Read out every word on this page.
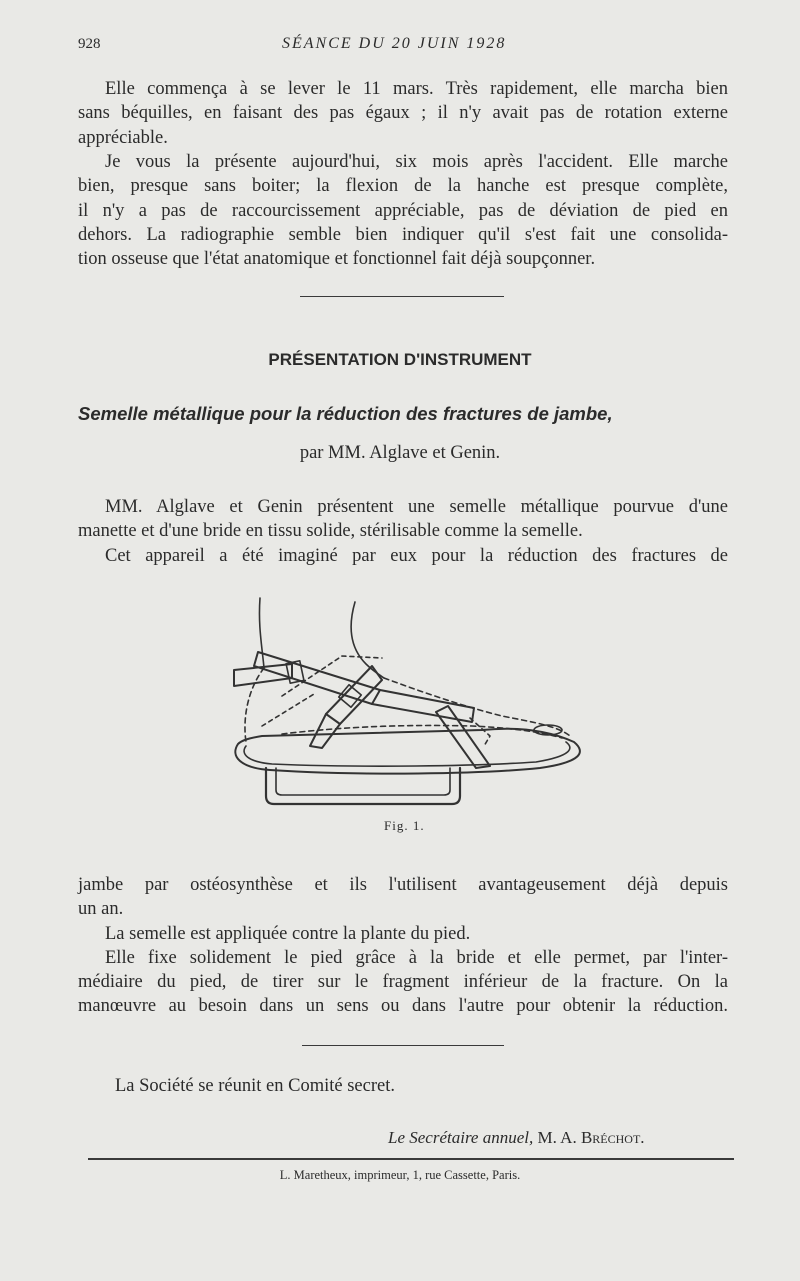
928	SÉANCE DU 20 JUIN 1928
Elle commença à se lever le 11 mars. Très rapidement, elle marcha bien
sans béquilles, en faisant des pas égaux ; il n'y avait pas de rotation externe
appréciable.
Je vous la présente aujourd'hui, six mois après l'accident. Elle marche
bien, presque sans boiter; la flexion de la hanche est presque complète,
il n'y a pas de raccourcissement appréciable, pas de déviation de pied en
dehors. La radiographie semble bien indiquer qu'il s'est fait une consolida-
tion osseuse que l'état anatomique et fonctionnel fait déjà soupçonner.
PRÉSENTATION D'INSTRUMENT
Semelle métallique pour la réduction des fractures de jambe,
par MM. Alglave et Genin.
MM. Alglave et Genin présentent une semelle métallique pourvue d'une
manette et d'une bride en tissu solide, stérilisable comme la semelle.
Cet appareil a été imaginé par eux pour la réduction des fractures de
Fig. 1.
jambe par ostéosynthèse et ils l'utilisent avantageusement déjà depuis
un an.
La semelle est appliquée contre la plante du pied.
Elle fixe solidement le pied grâce à la bride et elle permet, par l'inter-
médiaire du pied, de tirer sur le fragment inférieur de la fracture. On la
manœuvre au besoin dans un sens ou dans l'autre pour obtenir la réduction.
La Société se réunit en Comité secret.
Le Secrétaire annuel, M. A. Bréchot.
L. Maretheux, imprimeur, 1, rue Cassette, Paris.
